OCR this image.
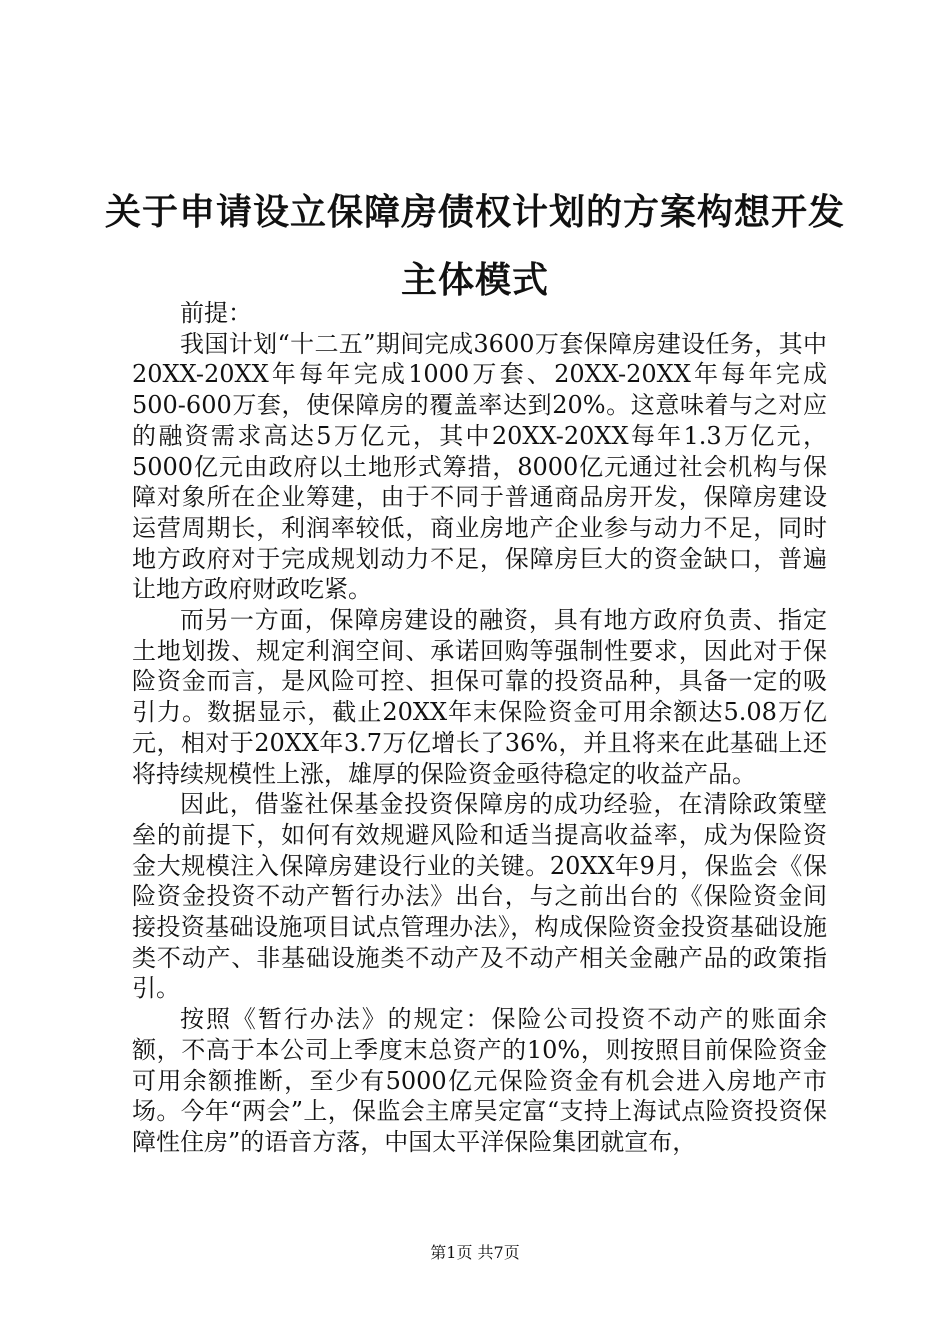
关于申请设立保障房债权计划的方案构想开发主体模式

前提：

我国计划“十二五”期间完成3600万套保障房建设任务，其中20XX-20XX年每年完成1000万套、20XX-20XX年每年完成500-600万套，使保障房的覆盖率达到20%。这意味着与之对应的融资需求高达5万亿元，其中20XX-20XX每年1.3万亿元，5000亿元由政府以土地形式筹措，8000亿元通过社会机构与保障对象所在企业筹建，由于不同于普通商品房开发，保障房建设运营周期长，利润率较低，商业房地产企业参与动力不足，同时地方政府对于完成规划动力不足，保障房巨大的资金缺口，普遍让地方政府财政吃紧。

而另一方面，保障房建设的融资，具有地方政府负责、指定土地划拨、规定利润空间、承诺回购等强制性要求，因此对于保险资金而言，是风险可控、担保可靠的投资品种，具备一定的吸引力。数据显示，截止20XX年末保险资金可用余额达5.08万亿元，相对于20XX年3.7万亿增长了36%，并且将来在此基础上还将持续规模性上涨，雄厚的保险资金亟待稳定的收益产品。

因此，借鉴社保基金投资保障房的成功经验，在清除政策壁垒的前提下，如何有效规避风险和适当提高收益率，成为保险资金大规模注入保障房建设行业的关键。20XX年9月，保监会《保险资金投资不动产暂行办法》出台，与之前出台的《保险资金间接投资基础设施项目试点管理办法》，构成保险资金投资基础设施类不动产、非基础设施类不动产及不动产相关金融产品的政策指引。

按照《暂行办法》的规定：保险公司投资不动产的账面余额，不高于本公司上季度末总资产的10%，则按照目前保险资金可用余额推断，至少有5000亿元保险资金有机会进入房地产市场。今年“两会”上，保监会主席吴定富“支持上海试点险资投资保障性住房”的语音方落，中国太平洋保险集团就宣布，

第1页 共7页
